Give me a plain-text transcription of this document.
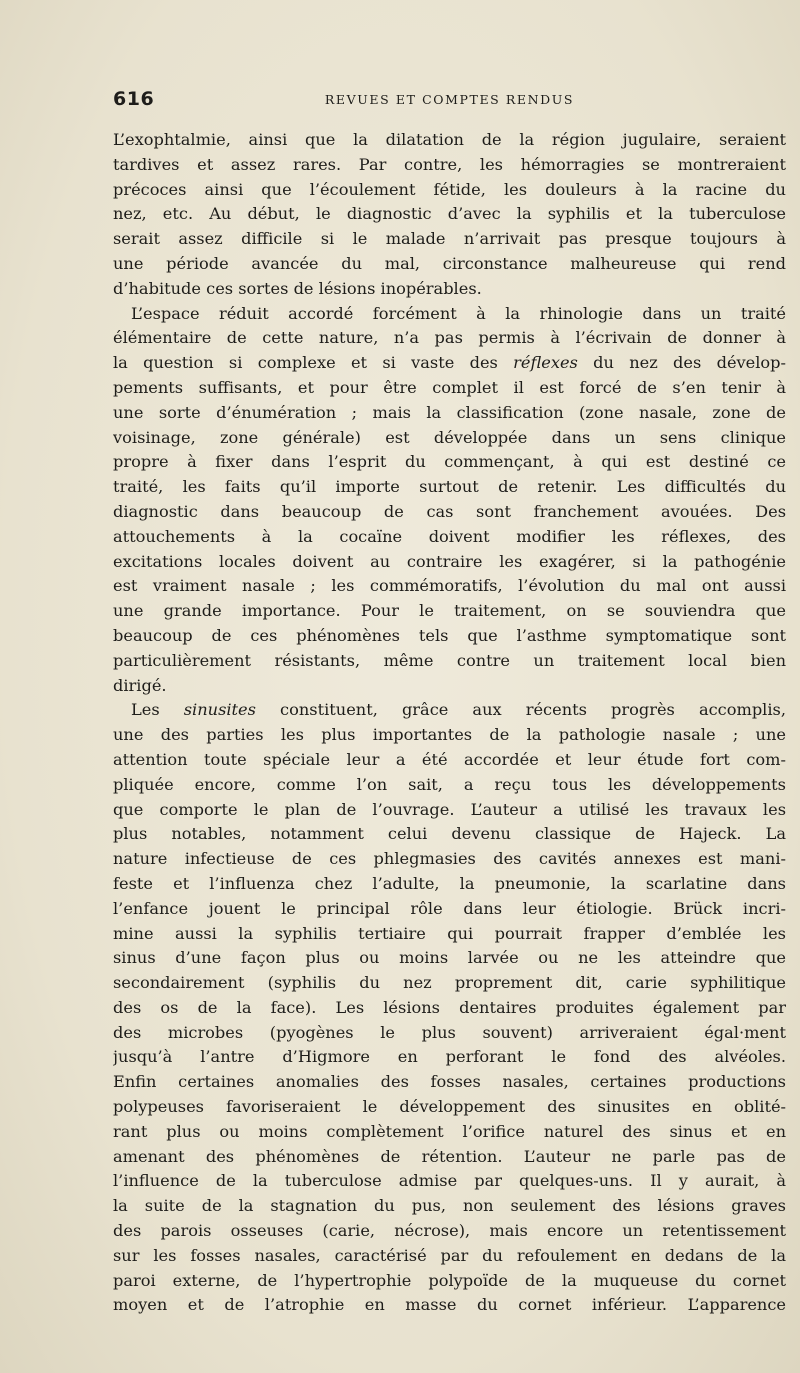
616	REVUES ET COMPTES RENDUS
L’exophtalmie, ainsi que la dilatation de la région jugulaire, seraient
tardives et assez rares. Par contre, les hémorragies se montreraient
précoces ainsi que l’écoulement fétide, les douleurs à la racine du
nez, etc. Au début, le diagnostic d’avec la syphilis et la tuberculose
serait assez difficile si le malade n’arrivait pas presque toujours à
une période avancée du mal, circonstance malheureuse qui rend
d’habitude ces sortes de lésions inopérables.
L’espace réduit accordé forcément à la rhinologie dans un traité
élémentaire de cette nature, n’a pas permis à l’écrivain de donner à
la question si complexe et si vaste des réflexes du nez des dévelop-
pements suffisants, et pour être complet il est forcé de s’en tenir à
une sorte d’énumération ; mais la classification (zone nasale, zone de
voisinage, zone générale) est développée dans un sens clinique
propre à fixer dans l’esprit du commençant, à qui est destiné ce
traité, les faits qu’il importe surtout de retenir. Les difficultés du
diagnostic dans beaucoup de cas sont franchement avouées. Des
attouchements à la cocaïne doivent modifier les réflexes, des
excitations locales doivent au contraire les exagérer, si la pathogénie
est vraiment nasale ; les commémoratifs, l’évolution du mal ont aussi
une grande importance. Pour le traitement, on se souviendra que
beaucoup de ces phénomènes tels que l’asthme symptomatique sont
particulièrement résistants, même contre un traitement local bien
dirigé.
Les sinusites constituent, grâce aux récents progrès accomplis,
une des parties les plus importantes de la pathologie nasale ; une
attention toute spéciale leur a été accordée et leur étude fort com-
pliquée encore, comme l’on sait, a reçu tous les développements
que comporte le plan de l’ouvrage. L’auteur a utilisé les travaux les
plus notables, notamment celui devenu classique de Hajeck. La
nature infectieuse de ces phlegmasies des cavités annexes est mani-
feste et l’influenza chez l’adulte, la pneumonie, la scarlatine dans
l’enfance jouent le principal rôle dans leur étiologie. Brück incri-
mine aussi la syphilis tertiaire qui pourrait frapper d’emblée les
sinus d’une façon plus ou moins larvée ou ne les atteindre que
secondairement (syphilis du nez proprement dit, carie syphilitique
des os de la face). Les lésions dentaires produites également par
des microbes (pyogènes le plus souvent) arriveraient égal·ment
jusqu’à l’antre d’Higmore en perforant le fond des alvéoles.
Enfin certaines anomalies des fosses nasales, certaines productions
polypeuses favoriseraient le développement des sinusites en oblité-
rant plus ou moins complètement l’orifice naturel des sinus et en
amenant des phénomènes de rétention. L’auteur ne parle pas de
l’influence de la tuberculose admise par quelques-uns. Il y aurait, à
la suite de la stagnation du pus, non seulement des lésions graves
des parois osseuses (carie, nécrose), mais encore un retentissement
sur les fosses nasales, caractérisé par du refoulement en dedans de la
paroi externe, de l’hypertrophie polypoïde de la muqueuse du cornet
moyen et de l’atrophie en masse du cornet inférieur. L’apparence
